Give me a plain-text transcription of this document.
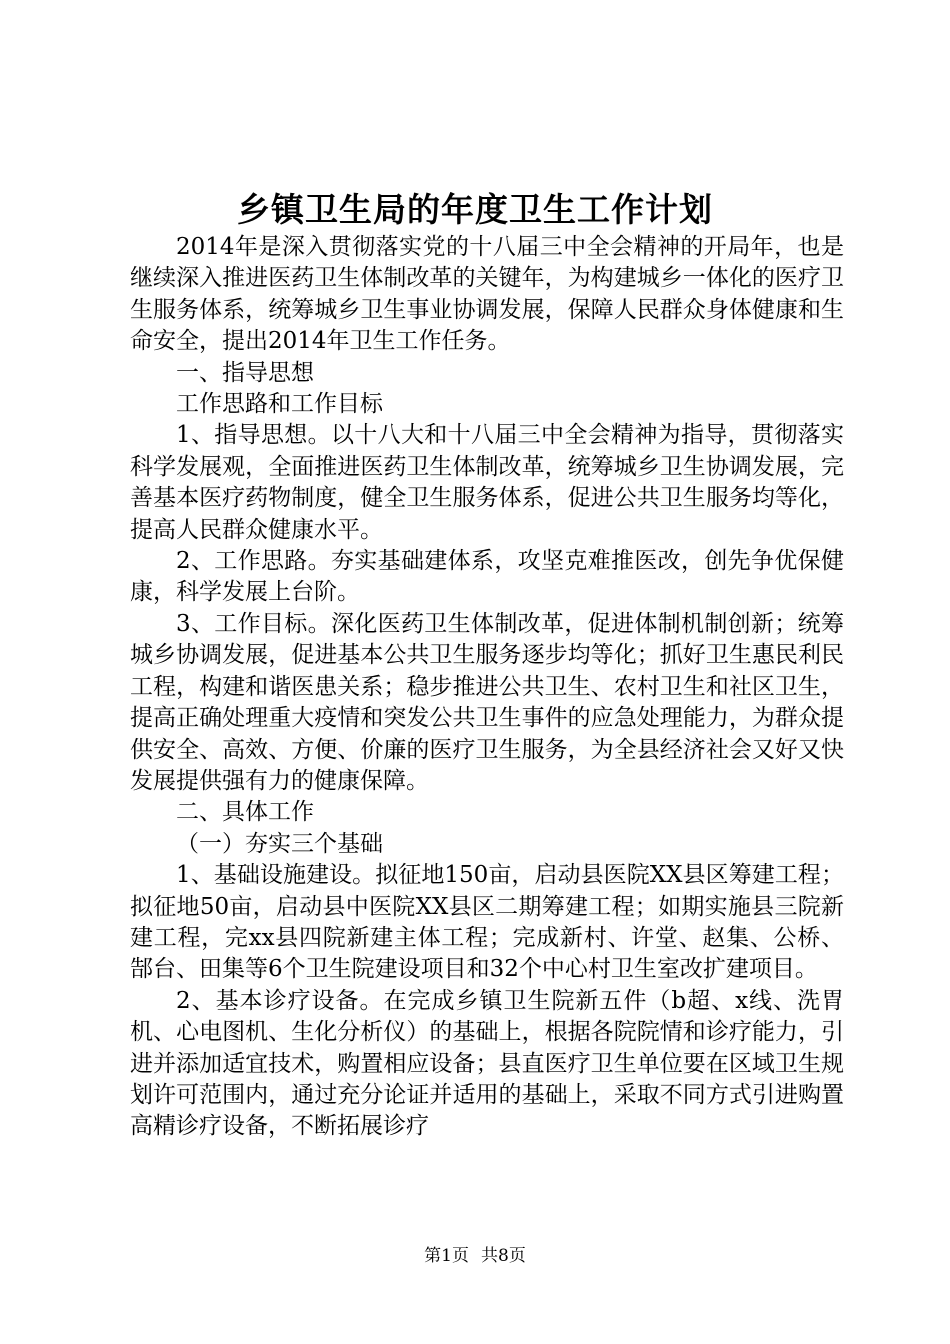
乡镇卫生局的年度卫生工作计划

2014年是深入贯彻落实党的十八届三中全会精神的开局年，也是继续深入推进医药卫生体制改革的关键年，为构建城乡一体化的医疗卫生服务体系，统筹城乡卫生事业协调发展，保障人民群众身体健康和生命安全，提出2014年卫生工作任务。

一、指导思想

工作思路和工作目标

1、指导思想。以十八大和十八届三中全会精神为指导，贯彻落实科学发展观，全面推进医药卫生体制改革，统筹城乡卫生协调发展，完善基本医疗药物制度，健全卫生服务体系，促进公共卫生服务均等化，提高人民群众健康水平。

2、工作思路。夯实基础建体系，攻坚克难推医改，创先争优保健康，科学发展上台阶。

3、工作目标。深化医药卫生体制改革，促进体制机制创新；统筹城乡协调发展，促进基本公共卫生服务逐步均等化；抓好卫生惠民利民工程，构建和谐医患关系；稳步推进公共卫生、农村卫生和社区卫生，提高正确处理重大疫情和突发公共卫生事件的应急处理能力，为群众提供安全、高效、方便、价廉的医疗卫生服务，为全县经济社会又好又快发展提供强有力的健康保障。

二、具体工作

（一）夯实三个基础

1、基础设施建设。拟征地150亩，启动县医院XX县区筹建工程；拟征地50亩，启动县中医院XX县区二期筹建工程；如期实施县三院新建工程，完xx县四院新建主体工程；完成新村、许堂、赵集、公桥、郜台、田集等6个卫生院建设项目和32个中心村卫生室改扩建项目。

2、基本诊疗设备。在完成乡镇卫生院新五件（b超、x线、洗胃机、心电图机、生化分析仪）的基础上，根据各院院情和诊疗能力，引进并添加适宜技术，购置相应设备；县直医疗卫生单位要在区域卫生规划许可范围内，通过充分论证并适用的基础上，采取不同方式引进购置高精诊疗设备，不断拓展诊疗

第1页 共8页
